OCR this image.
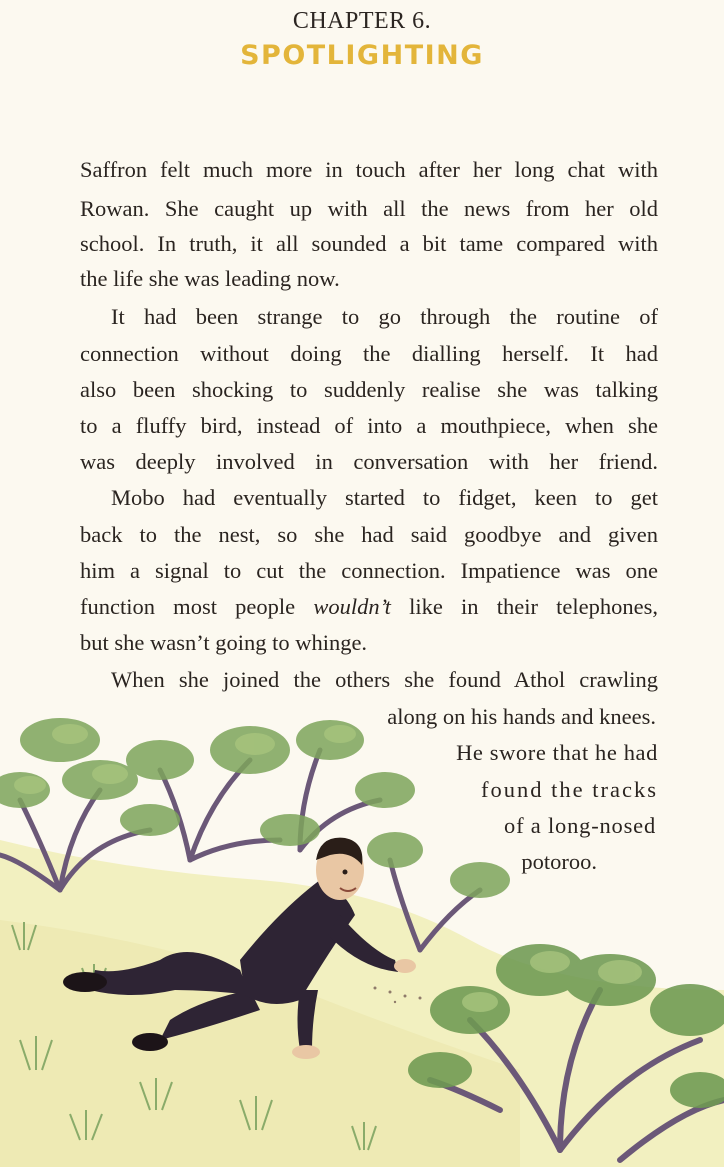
CHAPTER 6.
SPOTLIGHTING
Saffron felt much more in touch after her long chat with
Rowan. She caught up with all the news from her old
school. In truth, it all sounded a bit tame compared with
the life she was leading now.
It had been strange to go through the routine of
connection without doing the dialling herself. It had
also been shocking to suddenly realise she was talking
to a fluffy bird, instead of into a mouthpiece, when she
was deeply involved in conversation with her friend.
Mobo had eventually started to fidget, keen to get
back to the nest, so she had said goodbye and given
him a signal to cut the connection. Impatience was one
function most people wouldn’t like in their telephones,
but she wasn’t going to whinge.
When she joined the others she found Athol crawling
along on his hands and knees.
He swore that he had
found the tracks
of a long-nosed
potoroo.
